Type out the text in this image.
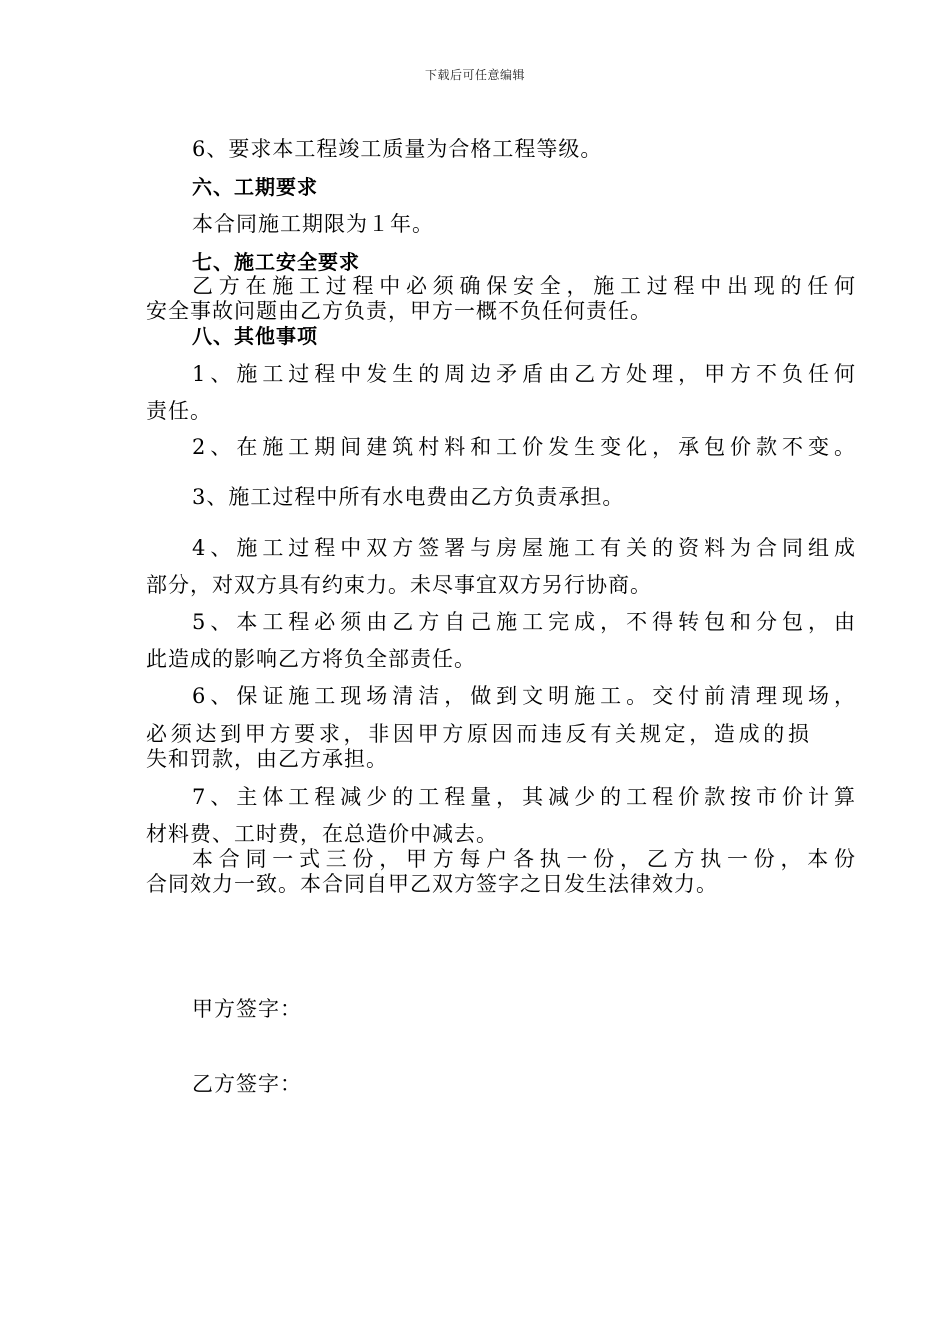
下载后可任意编辑
6、要求本工程竣工质量为合格工程等级。
六、工期要求
本合同施工期限为１年。
七、施工安全要求
乙方在施工过程中必须确保安全，施工过程中出现的任何
安全事故问题由乙方负责，甲方一概不负任何责任。
八、其他事项
1、施工过程中发生的周边矛盾由乙方处理，甲方不负任何
责任。
2、在施工期间建筑村料和工价发生变化，承包价款不变。
3、施工过程中所有水电费由乙方负责承担。
4、施工过程中双方签署与房屋施工有关的资料为合同组成
部分，对双方具有约束力。未尽事宜双方另行协商。
5、本工程必须由乙方自己施工完成，不得转包和分包，由
此造成的影响乙方将负全部责任。
6、保证施工现场清洁，做到文明施工。交付前清理现场，
必须达到甲方要求，非因甲方原因而违反有关规定，造成的损
失和罚款，由乙方承担。
7、主体工程减少的工程量，其减少的工程价款按市价计算
材料费、工时费，在总造价中减去。
本合同一式三份，甲方每户各执一份，乙方执一份，本份
合同效力一致。本合同自甲乙双方签字之日发生法律效力。
甲方签字：
乙方签字：
